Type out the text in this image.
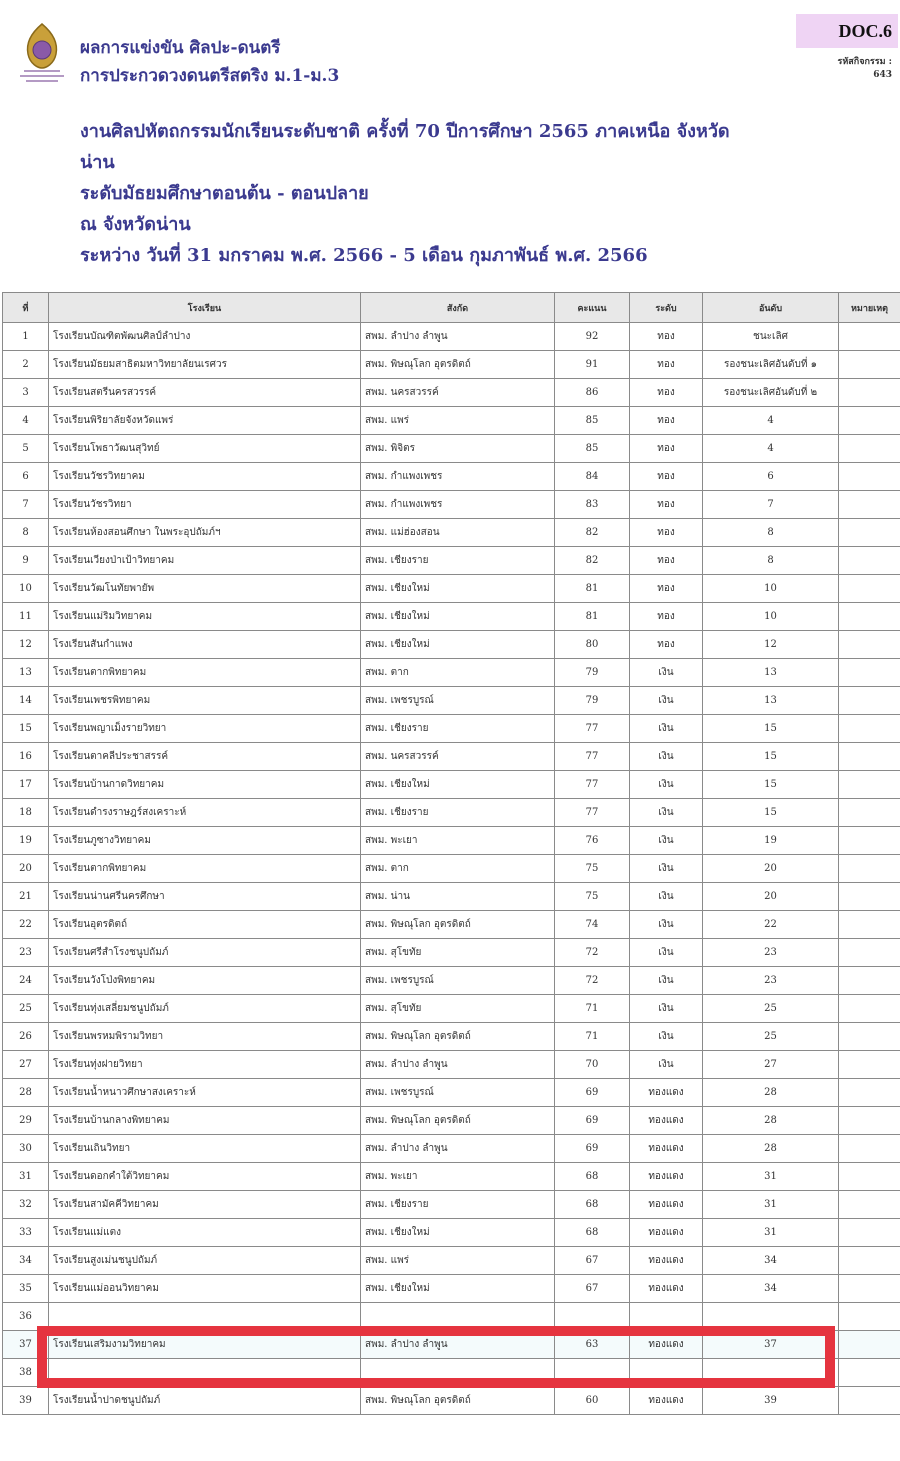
ผลการแข่งขัน ศิลปะ-ดนตรี
การประกวดวงดนตรีสตริง ม.1-ม.3
DOC.6
รหัสกิจกรรม :
643
งานศิลปหัตถกรรมนักเรียนระดับชาติ ครั้งที่ 70 ปีการศึกษา 2565 ภาคเหนือ จังหวัด
น่าน
ระดับมัธยมศึกษาตอนต้น - ตอนปลาย
ณ จังหวัดน่าน
ระหว่าง วันที่ 31 มกราคม พ.ศ. 2566 - 5 เดือน กุมภาพันธ์ พ.ศ. 2566
ที่	โรงเรียน	สังกัด	คะแนน	ระดับ	อันดับ	หมายเหตุ
1	โรงเรียนบัณฑิตพัฒนศิลป์ลำปาง	สพม. ลำปาง ลำพูน	92	ทอง	ชนะเลิศ	
2	โรงเรียนมัธยมสาธิตมหาวิทยาลัยนเรศวร	สพม. พิษณุโลก อุตรดิตถ์	91	ทอง	รองชนะเลิศอันดับที่ ๑	
3	โรงเรียนสตรีนครสวรรค์	สพม. นครสวรรค์	86	ทอง	รองชนะเลิศอันดับที่ ๒	
4	โรงเรียนพิริยาลัยจังหวัดแพร่	สพม. แพร่	85	ทอง	4	
5	โรงเรียนโพธาวัฒนสุวิทย์	สพม. พิจิตร	85	ทอง	4	
6	โรงเรียนวัชรวิทยาคม	สพม. กำแพงเพชร	84	ทอง	6	
7	โรงเรียนวัชรวิทยา	สพม. กำแพงเพชร	83	ทอง	7	
8	โรงเรียนห้องสอนศึกษา ในพระอุปถัมภ์ฯ	สพม. แม่ฮ่องสอน	82	ทอง	8	
9	โรงเรียนเวียงป่าเป้าวิทยาคม	สพม. เชียงราย	82	ทอง	8	
10	โรงเรียนวัฒโนทัยพายัพ	สพม. เชียงใหม่	81	ทอง	10	
11	โรงเรียนแม่ริมวิทยาคม	สพม. เชียงใหม่	81	ทอง	10	
12	โรงเรียนสันกำแพง	สพม. เชียงใหม่	80	ทอง	12	
13	โรงเรียนตากพิทยาคม	สพม. ตาก	79	เงิน	13	
14	โรงเรียนเพชรพิทยาคม	สพม. เพชรบูรณ์	79	เงิน	13	
15	โรงเรียนพญาเม็งรายวิทยา	สพม. เชียงราย	77	เงิน	15	
16	โรงเรียนตาคลีประชาสรรค์	สพม. นครสวรรค์	77	เงิน	15	
17	โรงเรียนบ้านกาดวิทยาคม	สพม. เชียงใหม่	77	เงิน	15	
18	โรงเรียนดำรงราษฎร์สงเคราะห์	สพม. เชียงราย	77	เงิน	15	
19	โรงเรียนภูซางวิทยาคม	สพม. พะเยา	76	เงิน	19	
20	โรงเรียนตากพิทยาคม	สพม. ตาก	75	เงิน	20	
21	โรงเรียนน่านศรีนครศึกษา	สพม. น่าน	75	เงิน	20	
22	โรงเรียนอุตรดิตถ์	สพม. พิษณุโลก อุตรดิตถ์	74	เงิน	22	
23	โรงเรียนศรีสำโรงชนูปถัมภ์	สพม. สุโขทัย	72	เงิน	23	
24	โรงเรียนวังโป่งพิทยาคม	สพม. เพชรบูรณ์	72	เงิน	23	
25	โรงเรียนทุ่งเสลี่ยมชนูปถัมภ์	สพม. สุโขทัย	71	เงิน	25	
26	โรงเรียนพรหมพิรามวิทยา	สพม. พิษณุโลก อุตรดิตถ์	71	เงิน	25	
27	โรงเรียนทุ่งฝายวิทยา	สพม. ลำปาง ลำพูน	70	เงิน	27	
28	โรงเรียนน้ำหนาวศึกษาสงเคราะห์	สพม. เพชรบูรณ์	69	ทองแดง	28	
29	โรงเรียนบ้านกลางพิทยาคม	สพม. พิษณุโลก อุตรดิตถ์	69	ทองแดง	28	
30	โรงเรียนเถินวิทยา	สพม. ลำปาง ลำพูน	69	ทองแดง	28	
31	โรงเรียนดอกคำใต้วิทยาคม	สพม. พะเยา	68	ทองแดง	31	
32	โรงเรียนสามัคคีวิทยาคม	สพม. เชียงราย	68	ทองแดง	31	
33	โรงเรียนแม่แตง	สพม. เชียงใหม่	68	ทองแดง	31	
34	โรงเรียนสูงเม่นชนูปถัมภ์	สพม. แพร่	67	ทองแดง	34	
35	โรงเรียนแม่ออนวิทยาคม	สพม. เชียงใหม่	67	ทองแดง	34	
36						
37	โรงเรียนเสริมงามวิทยาคม	สพม. ลำปาง ลำพูน	63	ทองแดง	37	
38						
39	โรงเรียนน้ำปาดชนูปถัมภ์	สพม. พิษณุโลก อุตรดิตถ์	60	ทองแดง	39	
